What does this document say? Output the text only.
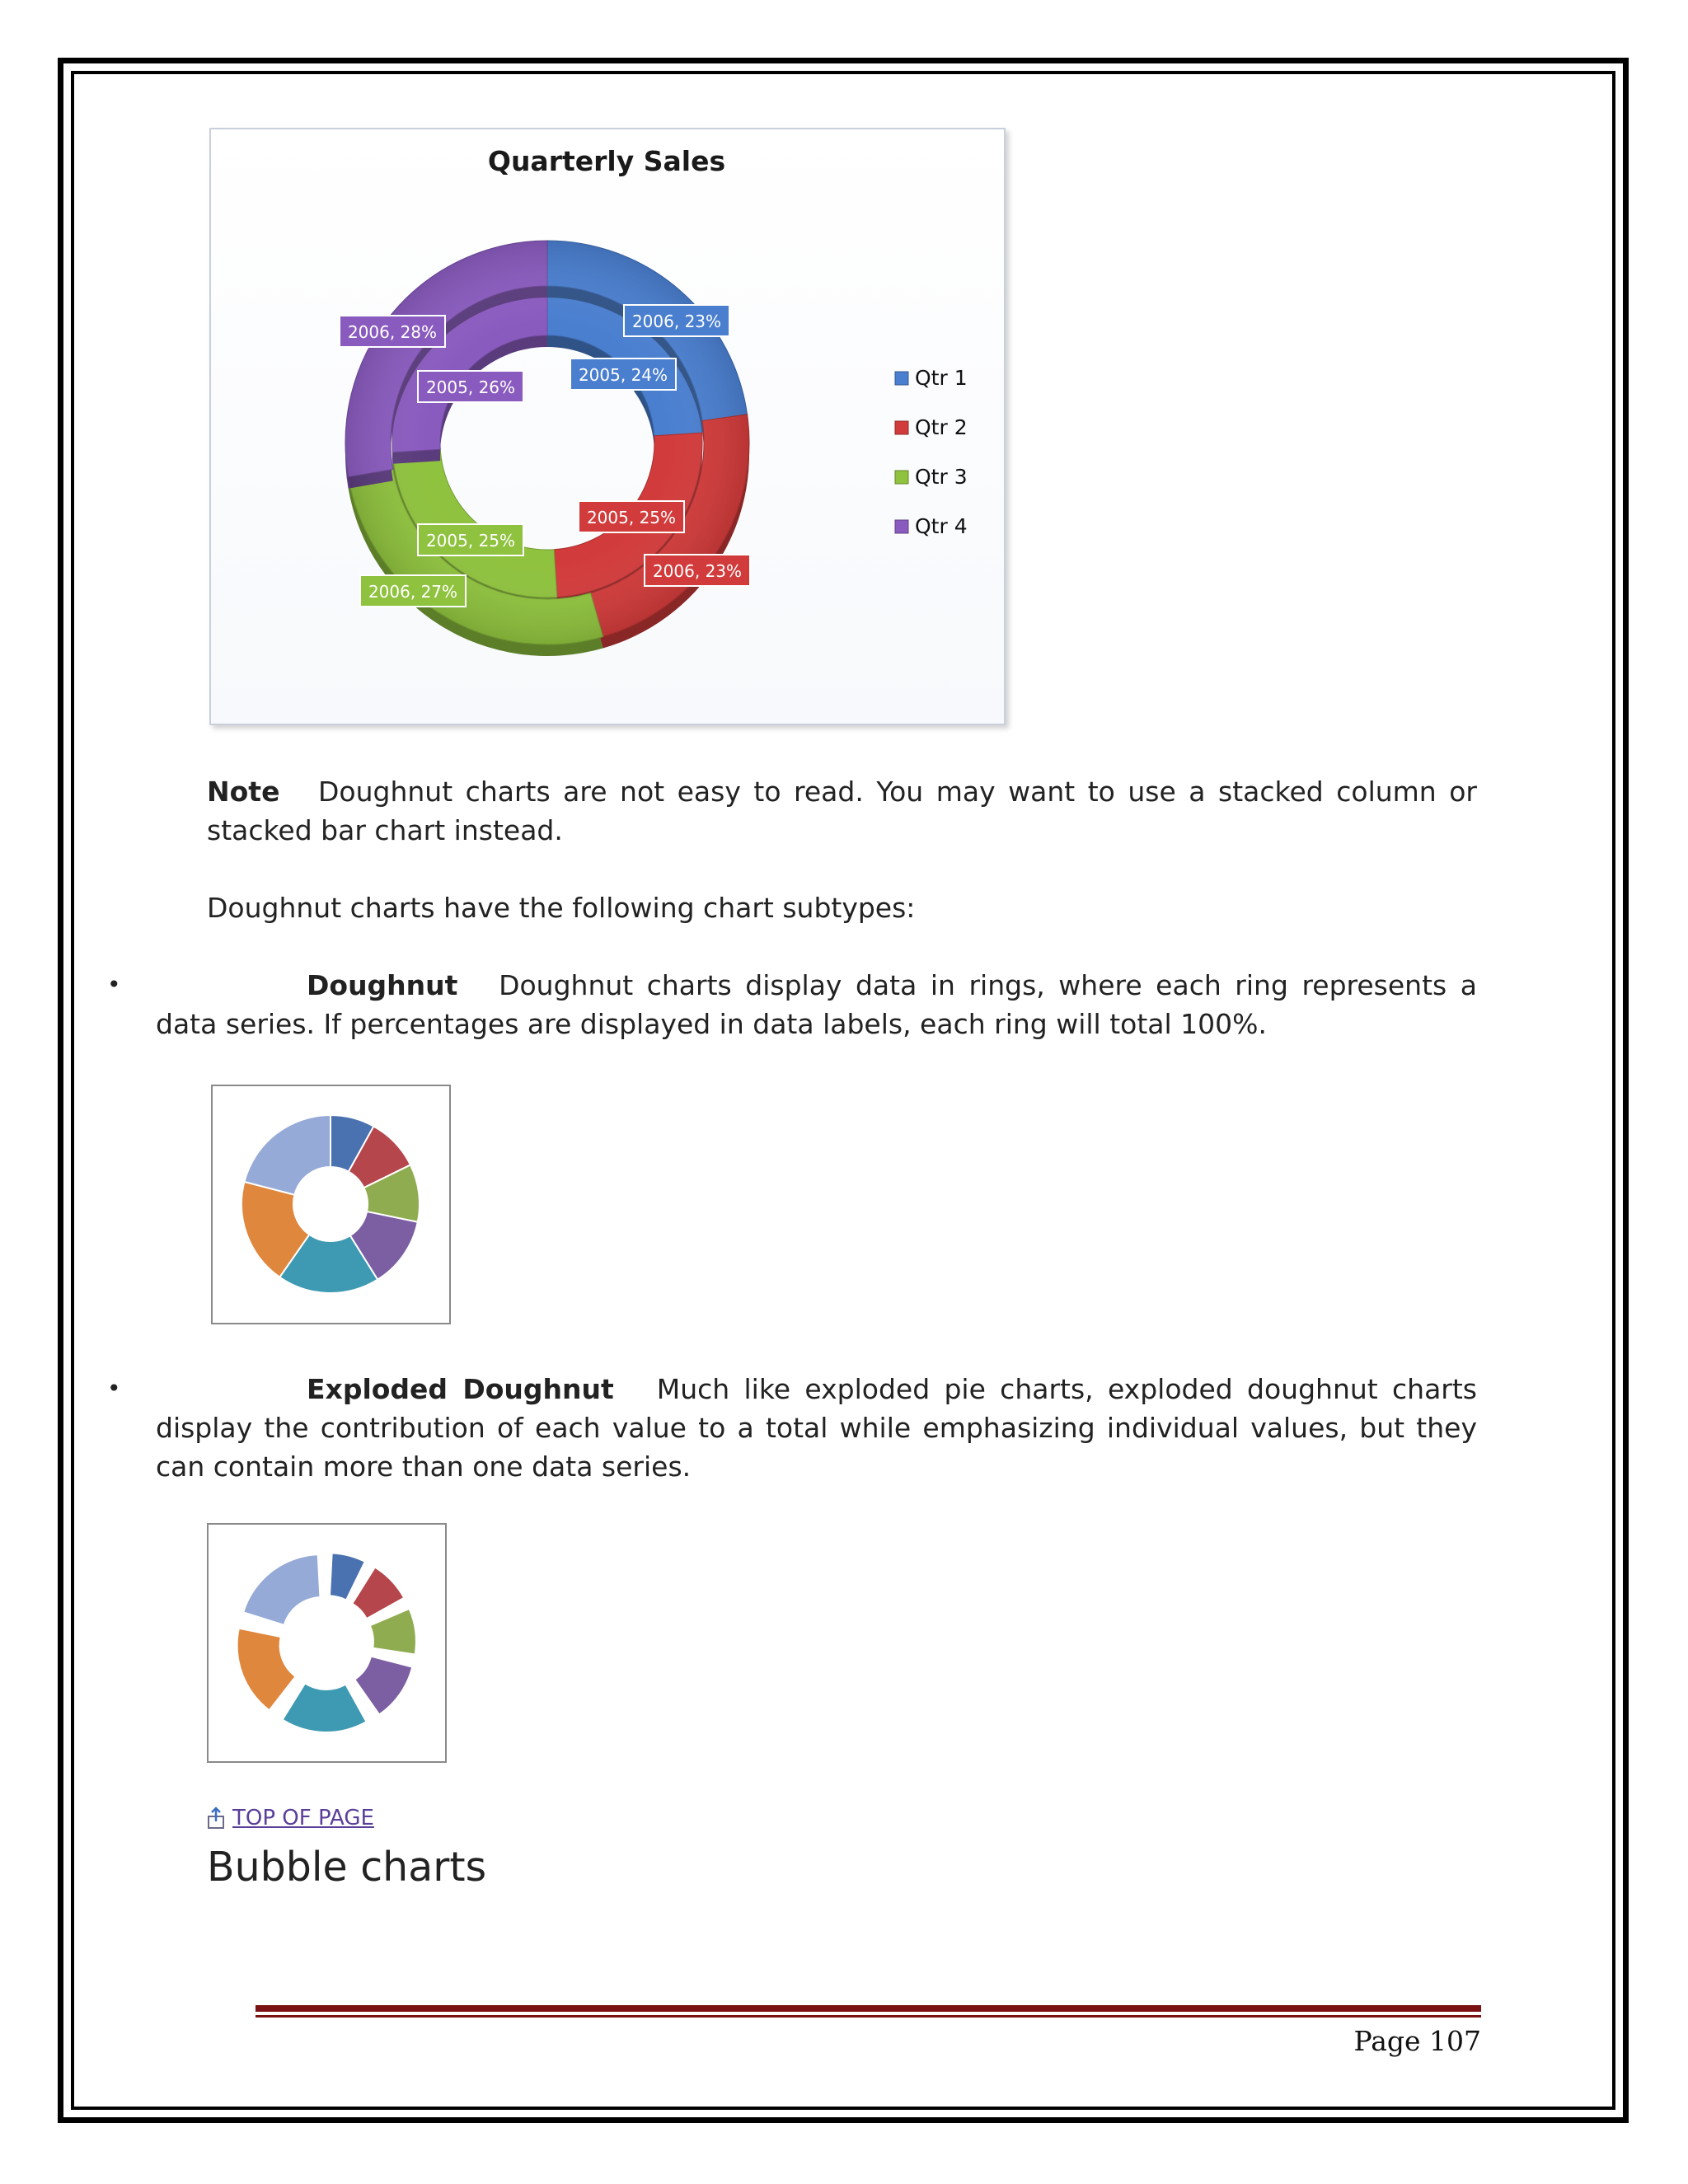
Quarterly Sales
2006, 23%
2006, 23%
2006, 27%
2006, 28%
2005, 24%
2005, 25%
2005, 25%
2005, 26%	Qtr 1
Qtr 2
Qtr 3
Qtr 4
Note Doughnut charts are not easy to read. You may want to use a stacked column or stacked bar chart instead.
Doughnut charts have the following chart subtypes:
•	Doughnut Doughnut charts display data in rings, where each ring represents a data series. If percentages are displayed in data labels, each ring will total 100%.
•	Exploded Doughnut Much like exploded pie charts, exploded doughnut charts display the contribution of each value to a total while emphasizing individual values, but they can contain more than one data series.
TOP OF PAGE
Bubble charts
Page 107
